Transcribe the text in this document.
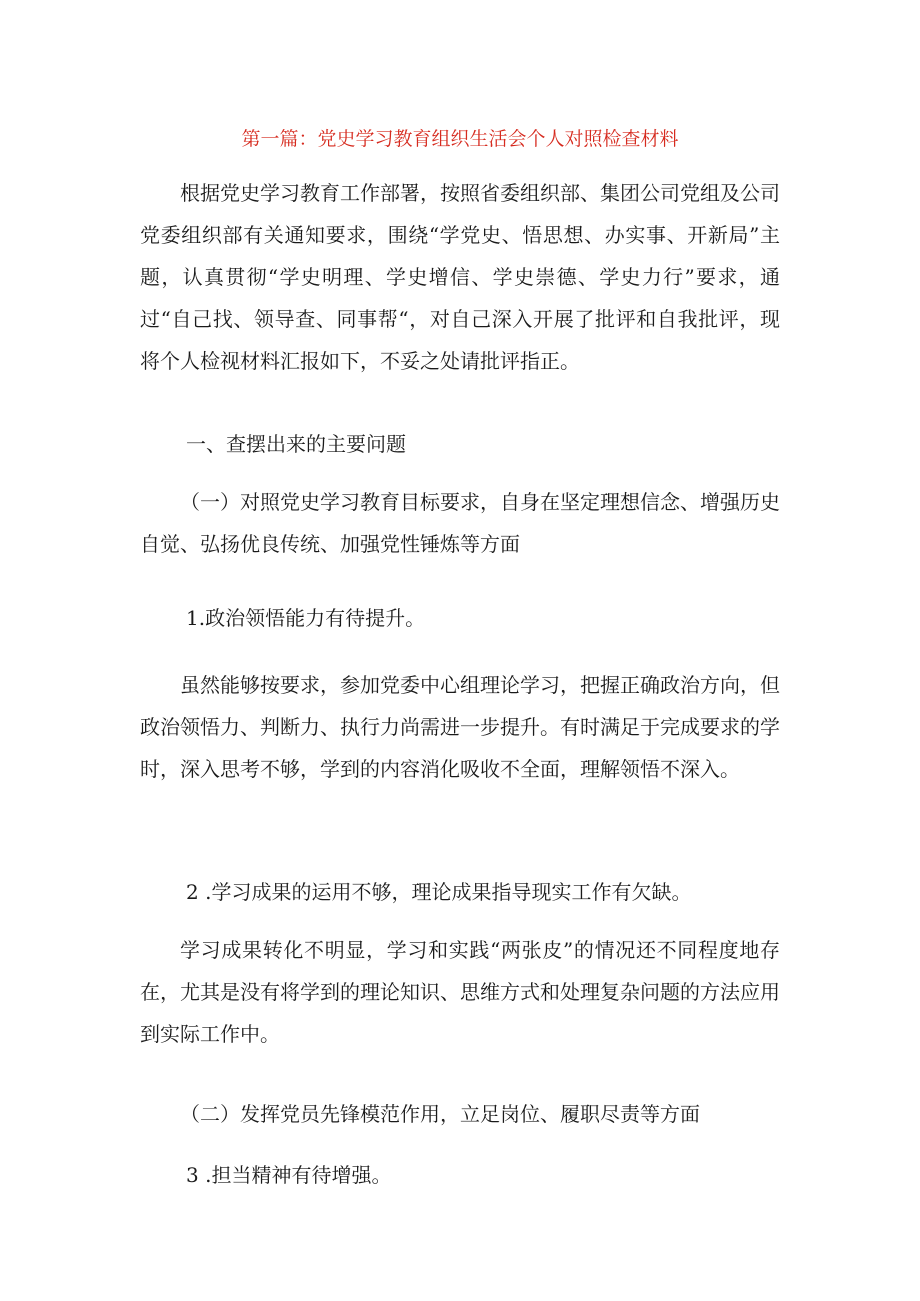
第一篇：党史学习教育组织生活会个人对照检查材料

根据党史学习教育工作部署，按照省委组织部、集团公司党组及公司党委组织部有关通知要求，围绕“学党史、悟思想、办实事、开新局”主题，认真贯彻“学史明理、学史增信、学史崇德、学史力行”要求，通过“自己找、领导查、同事帮“，对自己深入开展了批评和自我批评，现将个人检视材料汇报如下，不妥之处请批评指正。

一、查摆出来的主要问题

（一）对照党史学习教育目标要求，自身在坚定理想信念、增强历史自觉、弘扬优良传统、加强党性锤炼等方面

1.政治领悟能力有待提升。

虽然能够按要求，参加党委中心组理论学习，把握正确政治方向，但政治领悟力、判断力、执行力尚需进一步提升。有时满足于完成要求的学时，深入思考不够，学到的内容消化吸收不全面，理解领悟不深入。

2 .学习成果的运用不够，理论成果指导现实工作有欠缺。

学习成果转化不明显，学习和实践“两张皮”的情况还不同程度地存在，尤其是没有将学到的理论知识、思维方式和处理复杂问题的方法应用到实际工作中。

（二）发挥党员先锋模范作用，立足岗位、履职尽责等方面

3 .担当精神有待增强。
